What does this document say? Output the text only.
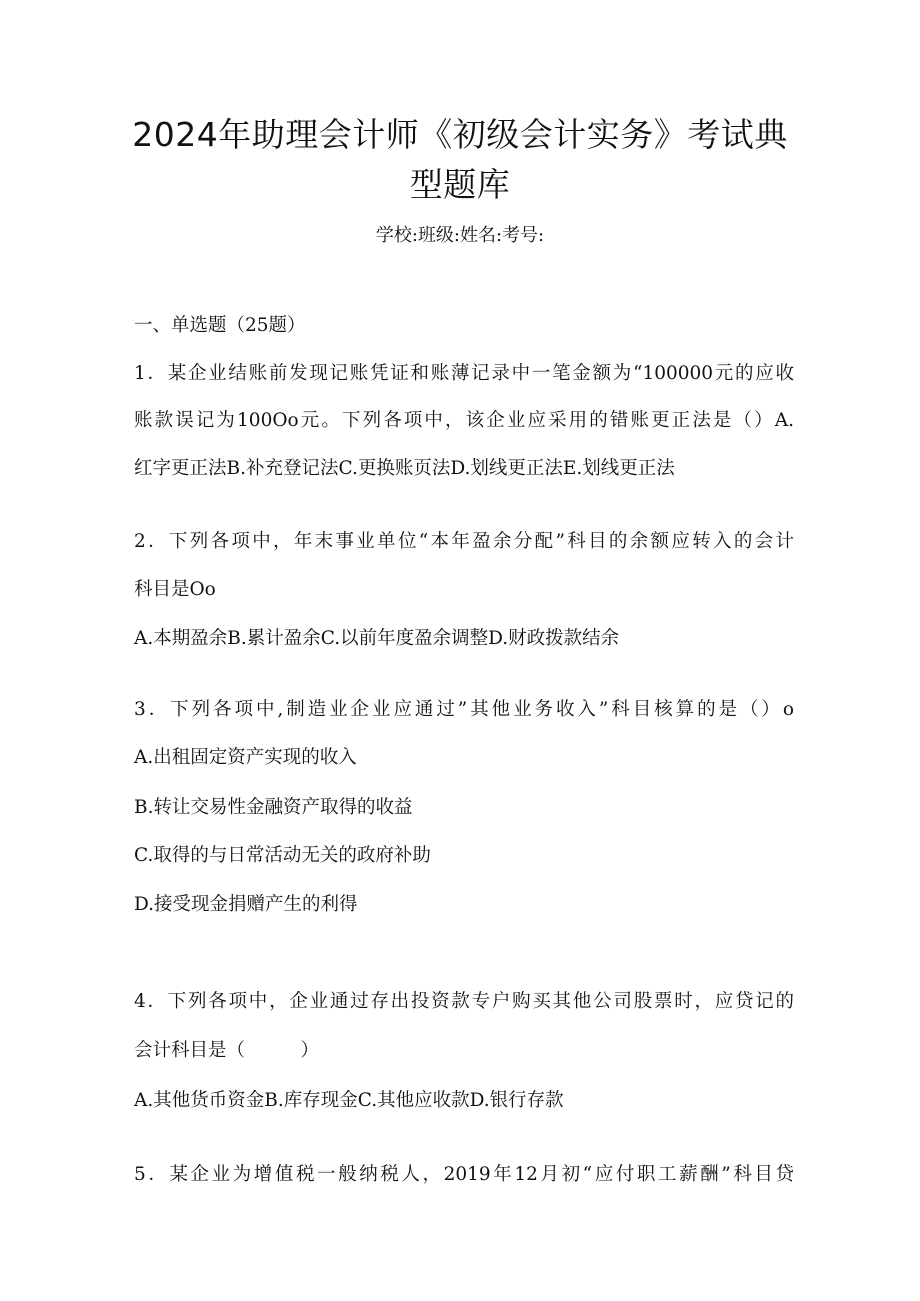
2024年助理会计师《初级会计实务》考试典
型题库
学校:班级:姓名:考号:
一、单选题（25题）
1．某企业结账前发现记账凭证和账薄记录中一笔金额为“100000元的应收
账款误记为100Oo元。下列各项中，该企业应采用的错账更正法是（）A.
红字更正法B.补充登记法C.更换账页法D.划线更正法E.划线更正法
2．下列各项中，年末事业单位“本年盈余分配”科目的余额应转入的会计
科目是Oo
A.本期盈余B.累计盈余C.以前年度盈余调整D.财政拨款结余
3．下列各项中,制造业企业应通过”其他业务收入”科目核算的是（）o
A.出租固定资产实现的收入
B.转让交易性金融资产取得的收益
C.取得的与日常活动无关的政府补助
D.接受现金捐赠产生的利得
4．下列各项中，企业通过存出投资款专户购买其他公司股票时，应贷记的
会计科目是（　　　）
A.其他货币资金B.库存现金C.其他应收款D.银行存款
5．某企业为增值税一般纳税人，2019年12月初“应付职工薪酬”科目贷
